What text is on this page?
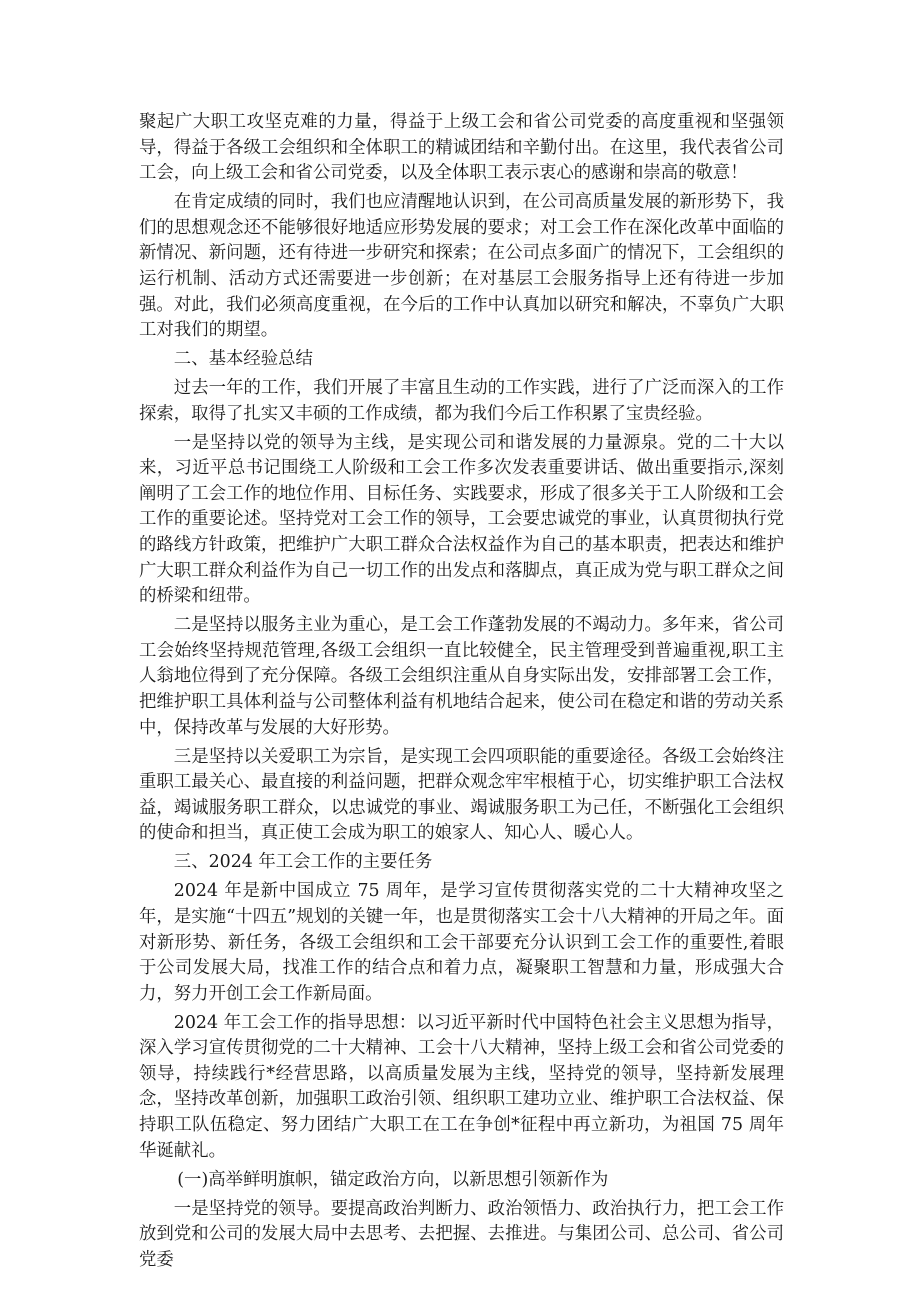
聚起广大职工攻坚克难的力量，得益于上级工会和省公司党委的高度重视和坚强领导，得益于各级工会组织和全体职工的精诚团结和辛勤付出。在这里，我代表省公司工会，向上级工会和省公司党委，以及全体职工表示衷心的感谢和崇高的敬意！

在肯定成绩的同时，我们也应清醒地认识到，在公司高质量发展的新形势下，我们的思想观念还不能够很好地适应形势发展的要求；对工会工作在深化改革中面临的新情况、新问题，还有待进一步研究和探索；在公司点多面广的情况下，工会组织的运行机制、活动方式还需要进一步创新；在对基层工会服务指导上还有待进一步加强。对此，我们必须高度重视，在今后的工作中认真加以研究和解决，不辜负广大职工对我们的期望。

二、基本经验总结

过去一年的工作，我们开展了丰富且生动的工作实践，进行了广泛而深入的工作探索，取得了扎实又丰硕的工作成绩，都为我们今后工作积累了宝贵经验。

一是坚持以党的领导为主线，是实现公司和谐发展的力量源泉。党的二十大以来，习近平总书记围绕工人阶级和工会工作多次发表重要讲话、做出重要指示,深刻阐明了工会工作的地位作用、目标任务、实践要求，形成了很多关于工人阶级和工会工作的重要论述。坚持党对工会工作的领导，工会要忠诚党的事业，认真贯彻执行党的路线方针政策，把维护广大职工群众合法权益作为自己的基本职责，把表达和维护广大职工群众利益作为自己一切工作的出发点和落脚点，真正成为党与职工群众之间的桥梁和纽带。

二是坚持以服务主业为重心，是工会工作蓬勃发展的不竭动力。多年来，省公司工会始终坚持规范管理,各级工会组织一直比较健全，民主管理受到普遍重视,职工主人翁地位得到了充分保障。各级工会组织注重从自身实际出发，安排部署工会工作，把维护职工具体利益与公司整体利益有机地结合起来，使公司在稳定和谐的劳动关系中，保持改革与发展的大好形势。

三是坚持以关爱职工为宗旨，是实现工会四项职能的重要途径。各级工会始终注重职工最关心、最直接的利益问题，把群众观念牢牢根植于心，切实维护职工合法权益，竭诚服务职工群众，以忠诚党的事业、竭诚服务职工为己任，不断强化工会组织的使命和担当，真正使工会成为职工的娘家人、知心人、暖心人。

三、2024 年工会工作的主要任务

2024 年是新中国成立 75 周年，是学习宣传贯彻落实党的二十大精神攻坚之年，是实施“十四五”规划的关键一年，也是贯彻落实工会十八大精神的开局之年。面对新形势、新任务，各级工会组织和工会干部要充分认识到工会工作的重要性,着眼于公司发展大局，找准工作的结合点和着力点，凝聚职工智慧和力量，形成强大合力，努力开创工会工作新局面。

2024 年工会工作的指导思想：以习近平新时代中国特色社会主义思想为指导，深入学习宣传贯彻党的二十大精神、工会十八大精神，坚持上级工会和省公司党委的领导，持续践行*经营思路，以高质量发展为主线，坚持党的领导，坚持新发展理念，坚持改革创新，加强职工政治引领、组织职工建功立业、维护职工合法权益、保持职工队伍稳定、努力团结广大职工在工在争创*征程中再立新功，为祖国 75 周年华诞献礼。

(一)高举鲜明旗帜，锚定政治方向，以新思想引领新作为

一是坚持党的领导。要提高政治判断力、政治领悟力、政治执行力，把工会工作放到党和公司的发展大局中去思考、去把握、去推进。与集团公司、总公司、省公司党委
